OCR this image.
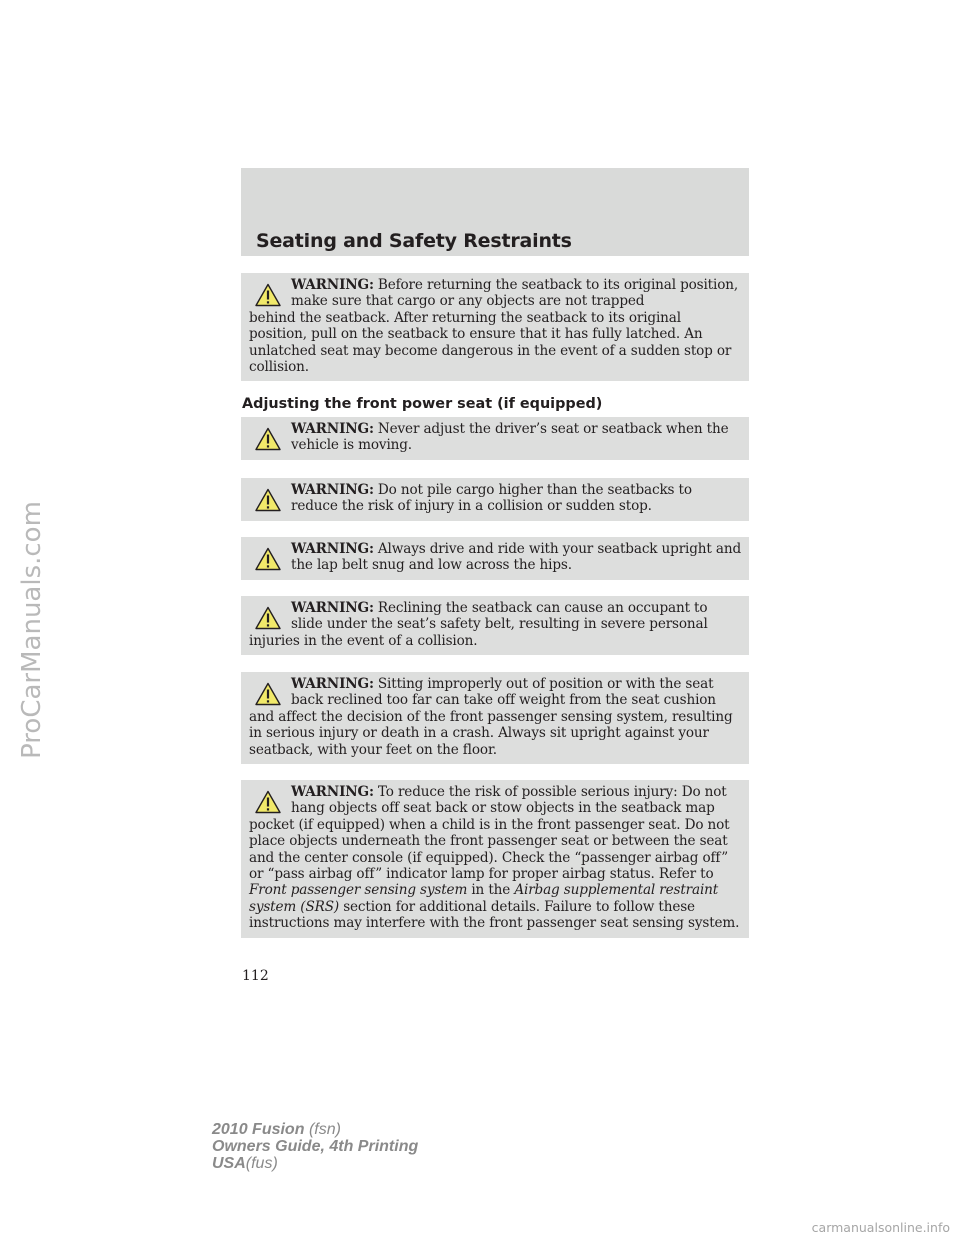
ProCarManuals.com
Seating and Safety Restraints
WARNING: Before returning the seatback to its original position, make sure that cargo or any objects are not trapped
behind the seatback. After returning the seatback to its original position, pull on the seatback to ensure that it has fully latched. An unlatched seat may become dangerous in the event of a sudden stop or collision.
Adjusting the front power seat (if equipped)
WARNING: Never adjust the driver’s seat or seatback when the vehicle is moving.
WARNING: Do not pile cargo higher than the seatbacks to reduce the risk of injury in a collision or sudden stop.
WARNING: Always drive and ride with your seatback upright and the lap belt snug and low across the hips.
WARNING: Reclining the seatback can cause an occupant to slide under the seat’s safety belt, resulting in severe personal
injuries in the event of a collision.
WARNING: Sitting improperly out of position or with the seat back reclined too far can take off weight from the seat cushion
and affect the decision of the front passenger sensing system, resulting in serious injury or death in a crash. Always sit upright against your seatback, with your feet on the floor.
WARNING: To reduce the risk of possible serious injury: Do not hang objects off seat back or stow objects in the seatback map
pocket (if equipped) when a child is in the front passenger seat. Do not place objects underneath the front passenger seat or between the seat and the center console (if equipped). Check the “passenger airbag off” or “pass airbag off” indicator lamp for proper airbag status. Refer to Front passenger sensing system in the Airbag supplemental restraint system (SRS) section for additional details. Failure to follow these instructions may interfere with the front passenger seat sensing system.
112
2010 Fusion (fsn)
Owners Guide, 4th Printing
USA(fus)
carmanualsonline.info
